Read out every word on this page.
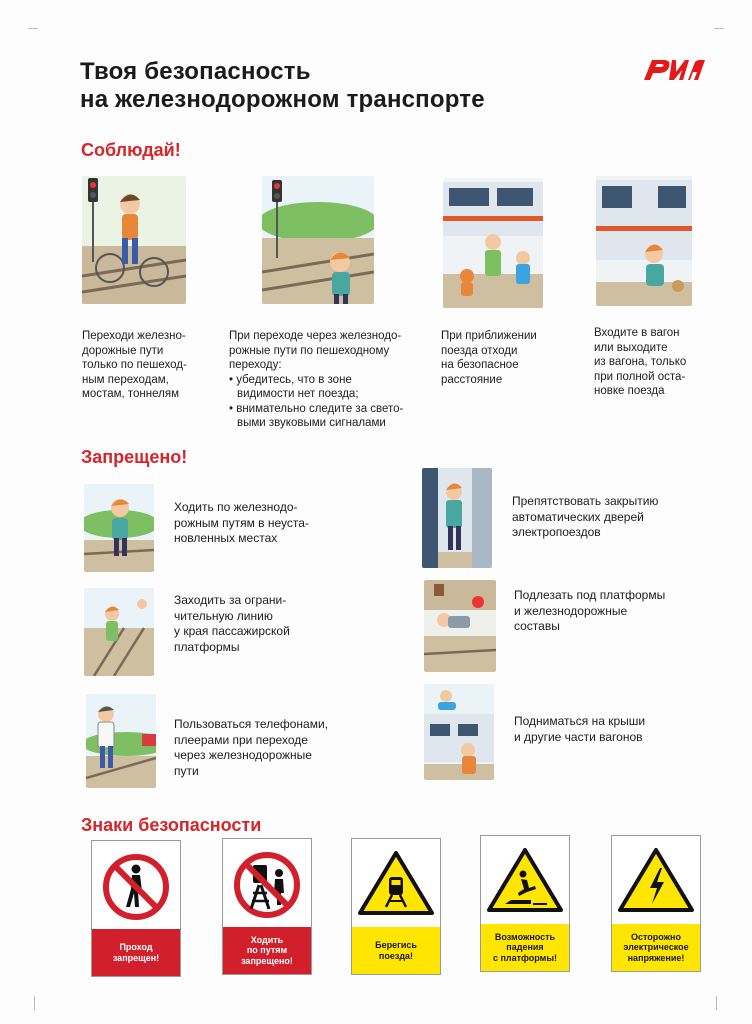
Твоя безопасность
на железнодорожном транспорте
Соблюдай!
Переходи железно-
дорожные пути
только по пешеход-
ным переходам,
мостам, тоннелям
При переходе через железнодо-
рожные пути по пешеходному
переходу:
• убедитесь, что в зоне
видимости нет поезда;
• внимательно следите за свето-
выми звуковыми сигналами
При приближении
поезда отходи
на безопасное
расстояние
Входите в вагон
или выходите
из вагона, только
при полной оста-
новке поезда
Запрещено!
Ходить по железнодо-
рожным путям в неуста-
новленных местах
Препятствовать закрытию
автоматических дверей
электропоездов
Заходить за ограни-
чительную линию
у края пассажирской
платформы
Подлезать под платформы
и железнодорожные
составы
Пользоваться телефонами,
плеерами при переходе
через железнодорожные
пути
Подниматься на крыши
и другие части вагонов
Знаки безопасности
Проход
запрещен!
Ходить
по путям
запрещено!
Берегись
поезда!
Возможность
падения
с платформы!
Осторожно
электрическое
напряжение!
